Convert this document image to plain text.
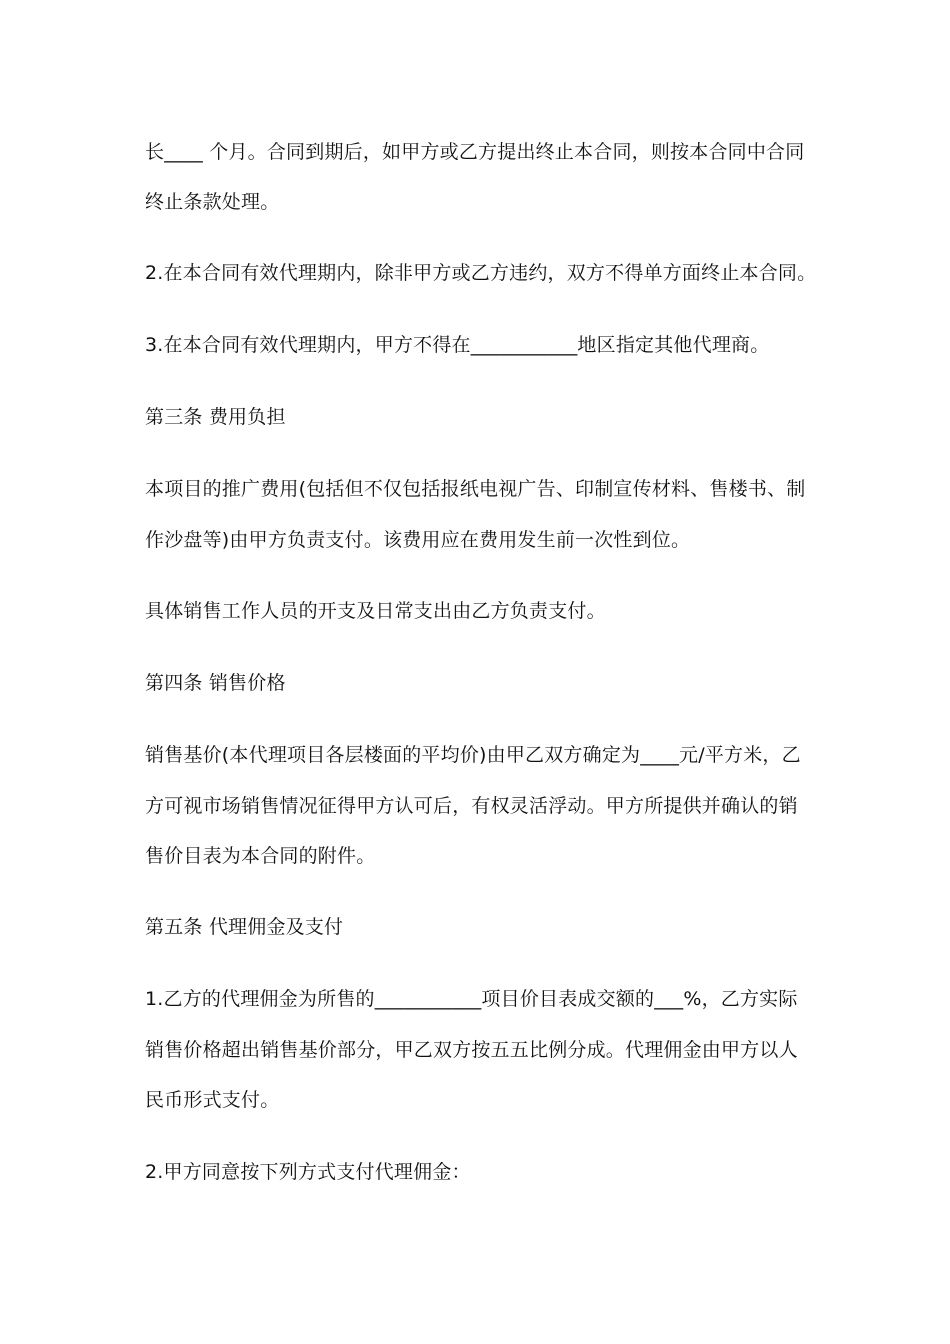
长____ 个月。合同到期后，如甲方或乙方提出终止本合同，则按本合同中合同
终止条款处理。
2.在本合同有效代理期内，除非甲方或乙方违约，双方不得单方面终止本合同。
3.在本合同有效代理期内，甲方不得在___________地区指定其他代理商。
第三条 费用负担
本项目的推广费用(包括但不仅包括报纸电视广告、印制宣传材料、售楼书、制
作沙盘等)由甲方负责支付。该费用应在费用发生前一次性到位。
具体销售工作人员的开支及日常支出由乙方负责支付。
第四条 销售价格
销售基价(本代理项目各层楼面的平均价)由甲乙双方确定为____元/平方米，乙
方可视市场销售情况征得甲方认可后，有权灵活浮动。甲方所提供并确认的销
售价目表为本合同的附件。
第五条 代理佣金及支付
1.乙方的代理佣金为所售的___________项目价目表成交额的___%，乙方实际
销售价格超出销售基价部分，甲乙双方按五五比例分成。代理佣金由甲方以人
民币形式支付。
2.甲方同意按下列方式支付代理佣金：
